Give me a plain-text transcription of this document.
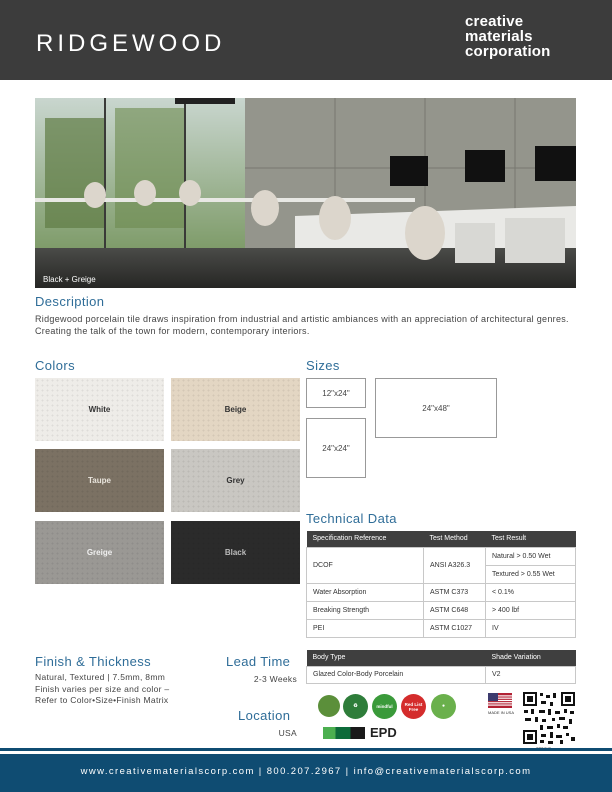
RIDGEWOOD
creative
materials
corporation
Black + Greige
Description
Ridgewood porcelain tile draws inspiration from industrial and artistic ambiances with an appreciation of architectural genres. Creating the talk of the town for modern, contemporary interiors.
Colors
White	Beige
Taupe	Grey
Greige	Black
Sizes
12"x24"
24"x48"
24"x24"
Technical Data
Specification Reference	Test Method	Test Result
DCOF	ANSI A326.3	Natural > 0.50 Wet
		Textured > 0.55 Wet
Water Absorption	ASTM C373	< 0.1%
Breaking Strength	ASTM C648	> 400 lbf
PEI	ASTM C1027	IV
Body Type	Shade Variation
Glazed Color-Body Porcelain	V2
Finish & Thickness
Natural, Textured | 7.5mm, 8mm
Finish varies per size and color –
Refer to Color•Size•Finish Matrix
Lead Time
2-3 Weeks
Location
USA
♻	mindful	Red List Free	●
EPD
MADE IN USA
www.creativematerialscorp.com | 800.207.2967 | info@creativematerialscorp.com
